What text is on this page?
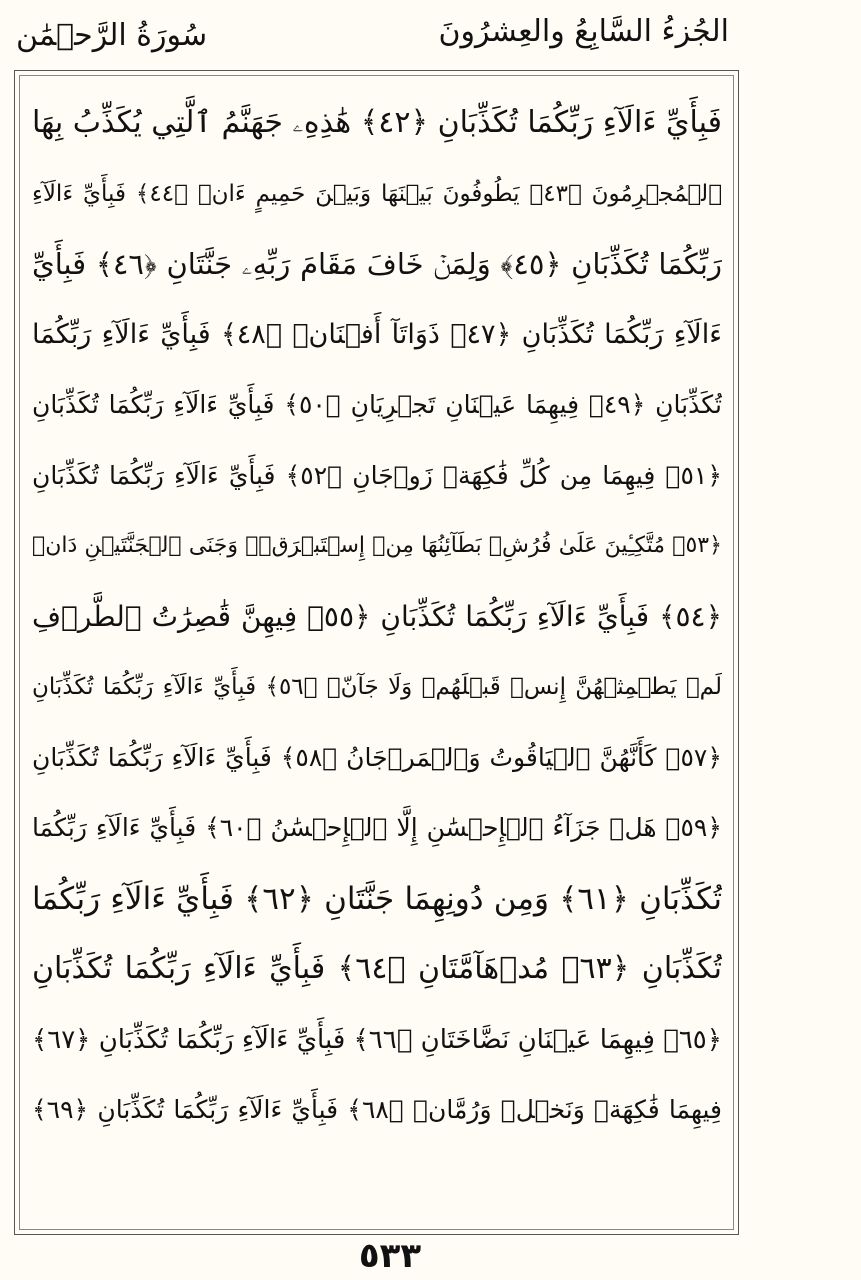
الجُزءُ السَّابِعُ والعِشرُونَ
سُورَةُ الرَّحۡمَٰن
فَبِأَيِّ ءَالَآءِ رَبِّكُمَا تُكَذِّبَانِ ﴿٤٢﴾ هَٰذِهِۦ جَهَنَّمُ ٱلَّتِي يُكَذِّبُ بِهَا
ٱلۡمُجۡرِمُونَ ﴿٤٣﴾ يَطُوفُونَ بَيۡنَهَا وَبَيۡنَ حَمِيمٍ ءَانٖ ﴿٤٤﴾ فَبِأَيِّ ءَالَآءِ
رَبِّكُمَا تُكَذِّبَانِ ﴿٤٥﴾ وَلِمَنۡ خَافَ مَقَامَ رَبِّهِۦ جَنَّتَانِ ﴿٤٦﴾ فَبِأَيِّ
ءَالَآءِ رَبِّكُمَا تُكَذِّبَانِ ﴿٤٧﴾ ذَوَاتَآ أَفۡنَانٖ ﴿٤٨﴾ فَبِأَيِّ ءَالَآءِ رَبِّكُمَا
تُكَذِّبَانِ ﴿٤٩﴾ فِيهِمَا عَيۡنَانِ تَجۡرِيَانِ ﴿٥٠﴾ فَبِأَيِّ ءَالَآءِ رَبِّكُمَا تُكَذِّبَانِ
﴿٥١﴾ فِيهِمَا مِن كُلِّ فَٰكِهَةٖ زَوۡجَانِ ﴿٥٢﴾ فَبِأَيِّ ءَالَآءِ رَبِّكُمَا تُكَذِّبَانِ
﴿٥٣﴾ مُتَّكِـِٔينَ عَلَىٰ فُرُشِۭ بَطَآئِنُهَا مِنۡ إِسۡتَبۡرَقٖۚ وَجَنَى ٱلۡجَنَّتَيۡنِ دَانٖ
﴿٥٤﴾ فَبِأَيِّ ءَالَآءِ رَبِّكُمَا تُكَذِّبَانِ ﴿٥٥﴾ فِيهِنَّ قَٰصِرَٰتُ ٱلطَّرۡفِ
لَمۡ يَطۡمِثۡهُنَّ إِنسٞ قَبۡلَهُمۡ وَلَا جَآنّٞ ﴿٥٦﴾ فَبِأَيِّ ءَالَآءِ رَبِّكُمَا تُكَذِّبَانِ
﴿٥٧﴾ كَأَنَّهُنَّ ٱلۡيَاقُوتُ وَٱلۡمَرۡجَانُ ﴿٥٨﴾ فَبِأَيِّ ءَالَآءِ رَبِّكُمَا تُكَذِّبَانِ
﴿٥٩﴾ هَلۡ جَزَآءُ ٱلۡإِحۡسَٰنِ إِلَّا ٱلۡإِحۡسَٰنُ ﴿٦٠﴾ فَبِأَيِّ ءَالَآءِ رَبِّكُمَا
تُكَذِّبَانِ ﴿٦١﴾ وَمِن دُونِهِمَا جَنَّتَانِ ﴿٦٢﴾ فَبِأَيِّ ءَالَآءِ رَبِّكُمَا
تُكَذِّبَانِ ﴿٦٣﴾ مُدۡهَآمَّتَانِ ﴿٦٤﴾ فَبِأَيِّ ءَالَآءِ رَبِّكُمَا تُكَذِّبَانِ
﴿٦٥﴾ فِيهِمَا عَيۡنَانِ نَضَّاخَتَانِ ﴿٦٦﴾ فَبِأَيِّ ءَالَآءِ رَبِّكُمَا تُكَذِّبَانِ ﴿٦٧﴾
فِيهِمَا فَٰكِهَةٞ وَنَخۡلٞ وَرُمَّانٞ ﴿٦٨﴾ فَبِأَيِّ ءَالَآءِ رَبِّكُمَا تُكَذِّبَانِ ﴿٦٩﴾
٥٣٣
